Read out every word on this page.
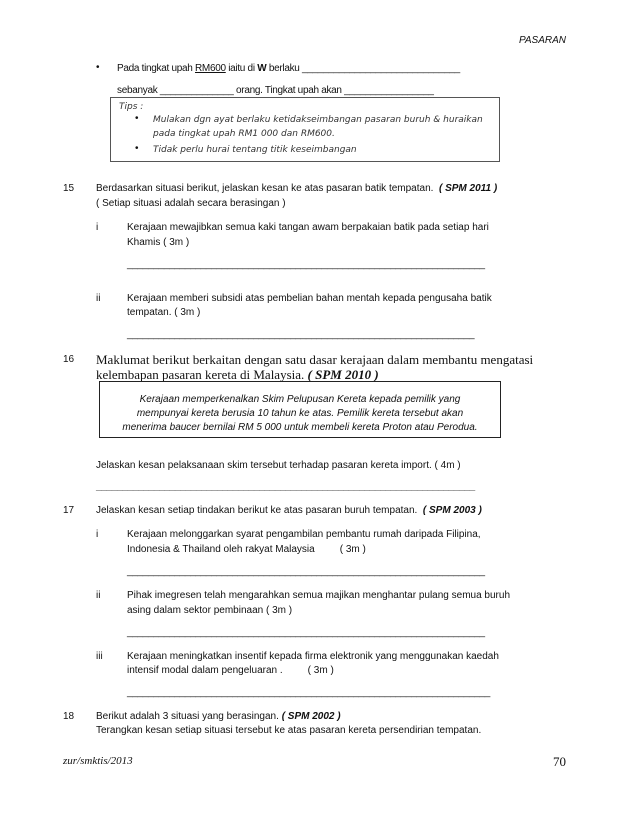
PASARAN
• Pada tingkat upah RM600 iaitu di W berlaku ______________________________
sebanyak ______________ orang. Tingkat upah akan _________________
Tips :
• Mulakan dgn ayat berlaku ketidakseimbangan pasaran buruh & huraikan
pada tingkat upah RM1 000 dan RM600.
• Tidak perlu hurai tentang titik keseimbangan
15 Berdasarkan situasi berikut, jelaskan kesan ke atas pasaran batik tempatan. ( SPM 2011 )
( Setiap situasi adalah secara berasingan )
i	Kerajaan mewajibkan semua kaki tangan awam berpakaian batik pada setiap hari
Khamis ( 3m )
____________________________________________________________________
ii	Kerajaan memberi subsidi atas pembelian bahan mentah kepada pengusaha batik
tempatan. ( 3m )
__________________________________________________________________
16 Maklumat berikut berkaitan dengan satu dasar kerajaan dalam membantu mengatasi
kelembapan pasaran kereta di Malaysia. ( SPM 2010 )
Kerajaan memperkenalkan Skim Pelupusan Kereta kepada pemilik yang
mempunyai kereta berusia 10 tahun ke atas. Pemilik kereta tersebut akan
menerima baucer bernilai RM 5 000 untuk membeli kereta Proton atau Perodua.
Jelaskan kesan pelaksanaan skim tersebut terhadap pasaran kereta import. ( 4m )
________________________________________________________________________
17 Jelaskan kesan setiap tindakan berikut ke atas pasaran buruh tempatan. ( SPM 2003 )
i	Kerajaan melonggarkan syarat pengambilan pembantu rumah daripada Filipina,
Indonesia & Thailand oleh rakyat Malaysia         ( 3m )
____________________________________________________________________
ii	Pihak imegresen telah mengarahkan semua majikan menghantar pulang semua buruh
asing dalam sektor pembinaan ( 3m )
____________________________________________________________________
iii Kerajaan meningkatkan insentif kepada firma elektronik yang menggunakan kaedah
intensif modal dalam pengeluaran .         ( 3m )
_____________________________________________________________________
18 Berikut adalah 3 situasi yang berasingan. ( SPM 2002 )
Terangkan kesan setiap situasi tersebut ke atas pasaran kereta persendirian tempatan.
zur/smktis/2013	70
